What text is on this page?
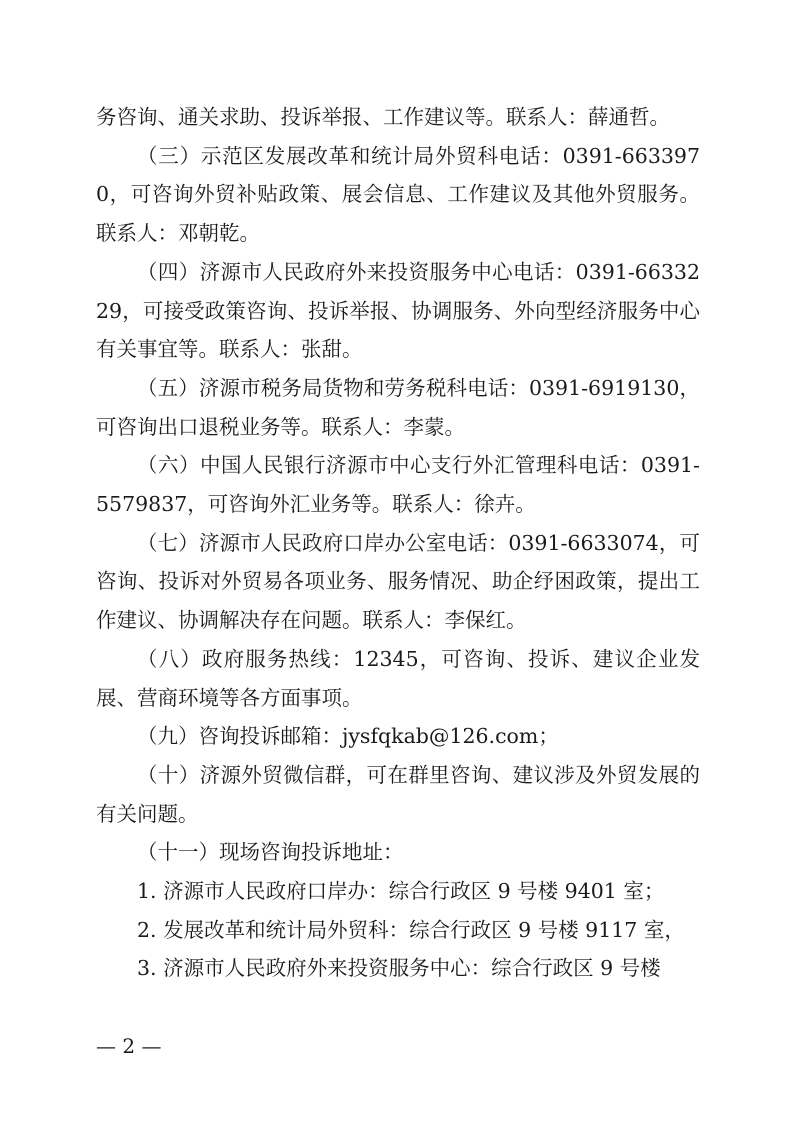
务咨询、通关求助、投诉举报、工作建议等。联系人：薛通哲。

（三）示范区发展改革和统计局外贸科电话：0391-6633970，可咨询外贸补贴政策、展会信息、工作建议及其他外贸服务。联系人：邓朝乾。

（四）济源市人民政府外来投资服务中心电话：0391-6633229，可接受政策咨询、投诉举报、协调服务、外向型经济服务中心有关事宜等。联系人：张甜。

（五）济源市税务局货物和劳务税科电话：0391-6919130，可咨询出口退税业务等。联系人：李蒙。

（六）中国人民银行济源市中心支行外汇管理科电话：0391-5579837，可咨询外汇业务等。联系人：徐卉。

（七）济源市人民政府口岸办公室电话：0391-6633074，可咨询、投诉对外贸易各项业务、服务情况、助企纾困政策，提出工作建议、协调解决存在问题。联系人：李保红。

（八）政府服务热线：12345，可咨询、投诉、建议企业发展、营商环境等各方面事项。

（九）咨询投诉邮箱：jysfqkab@126.com；

（十）济源外贸微信群，可在群里咨询、建议涉及外贸发展的有关问题。

（十一）现场咨询投诉地址：

1. 济源市人民政府口岸办：综合行政区 9 号楼 9401 室；

2. 发展改革和统计局外贸科：综合行政区 9 号楼 9117 室，

3. 济源市人民政府外来投资服务中心：综合行政区 9 号楼

— 2 —
